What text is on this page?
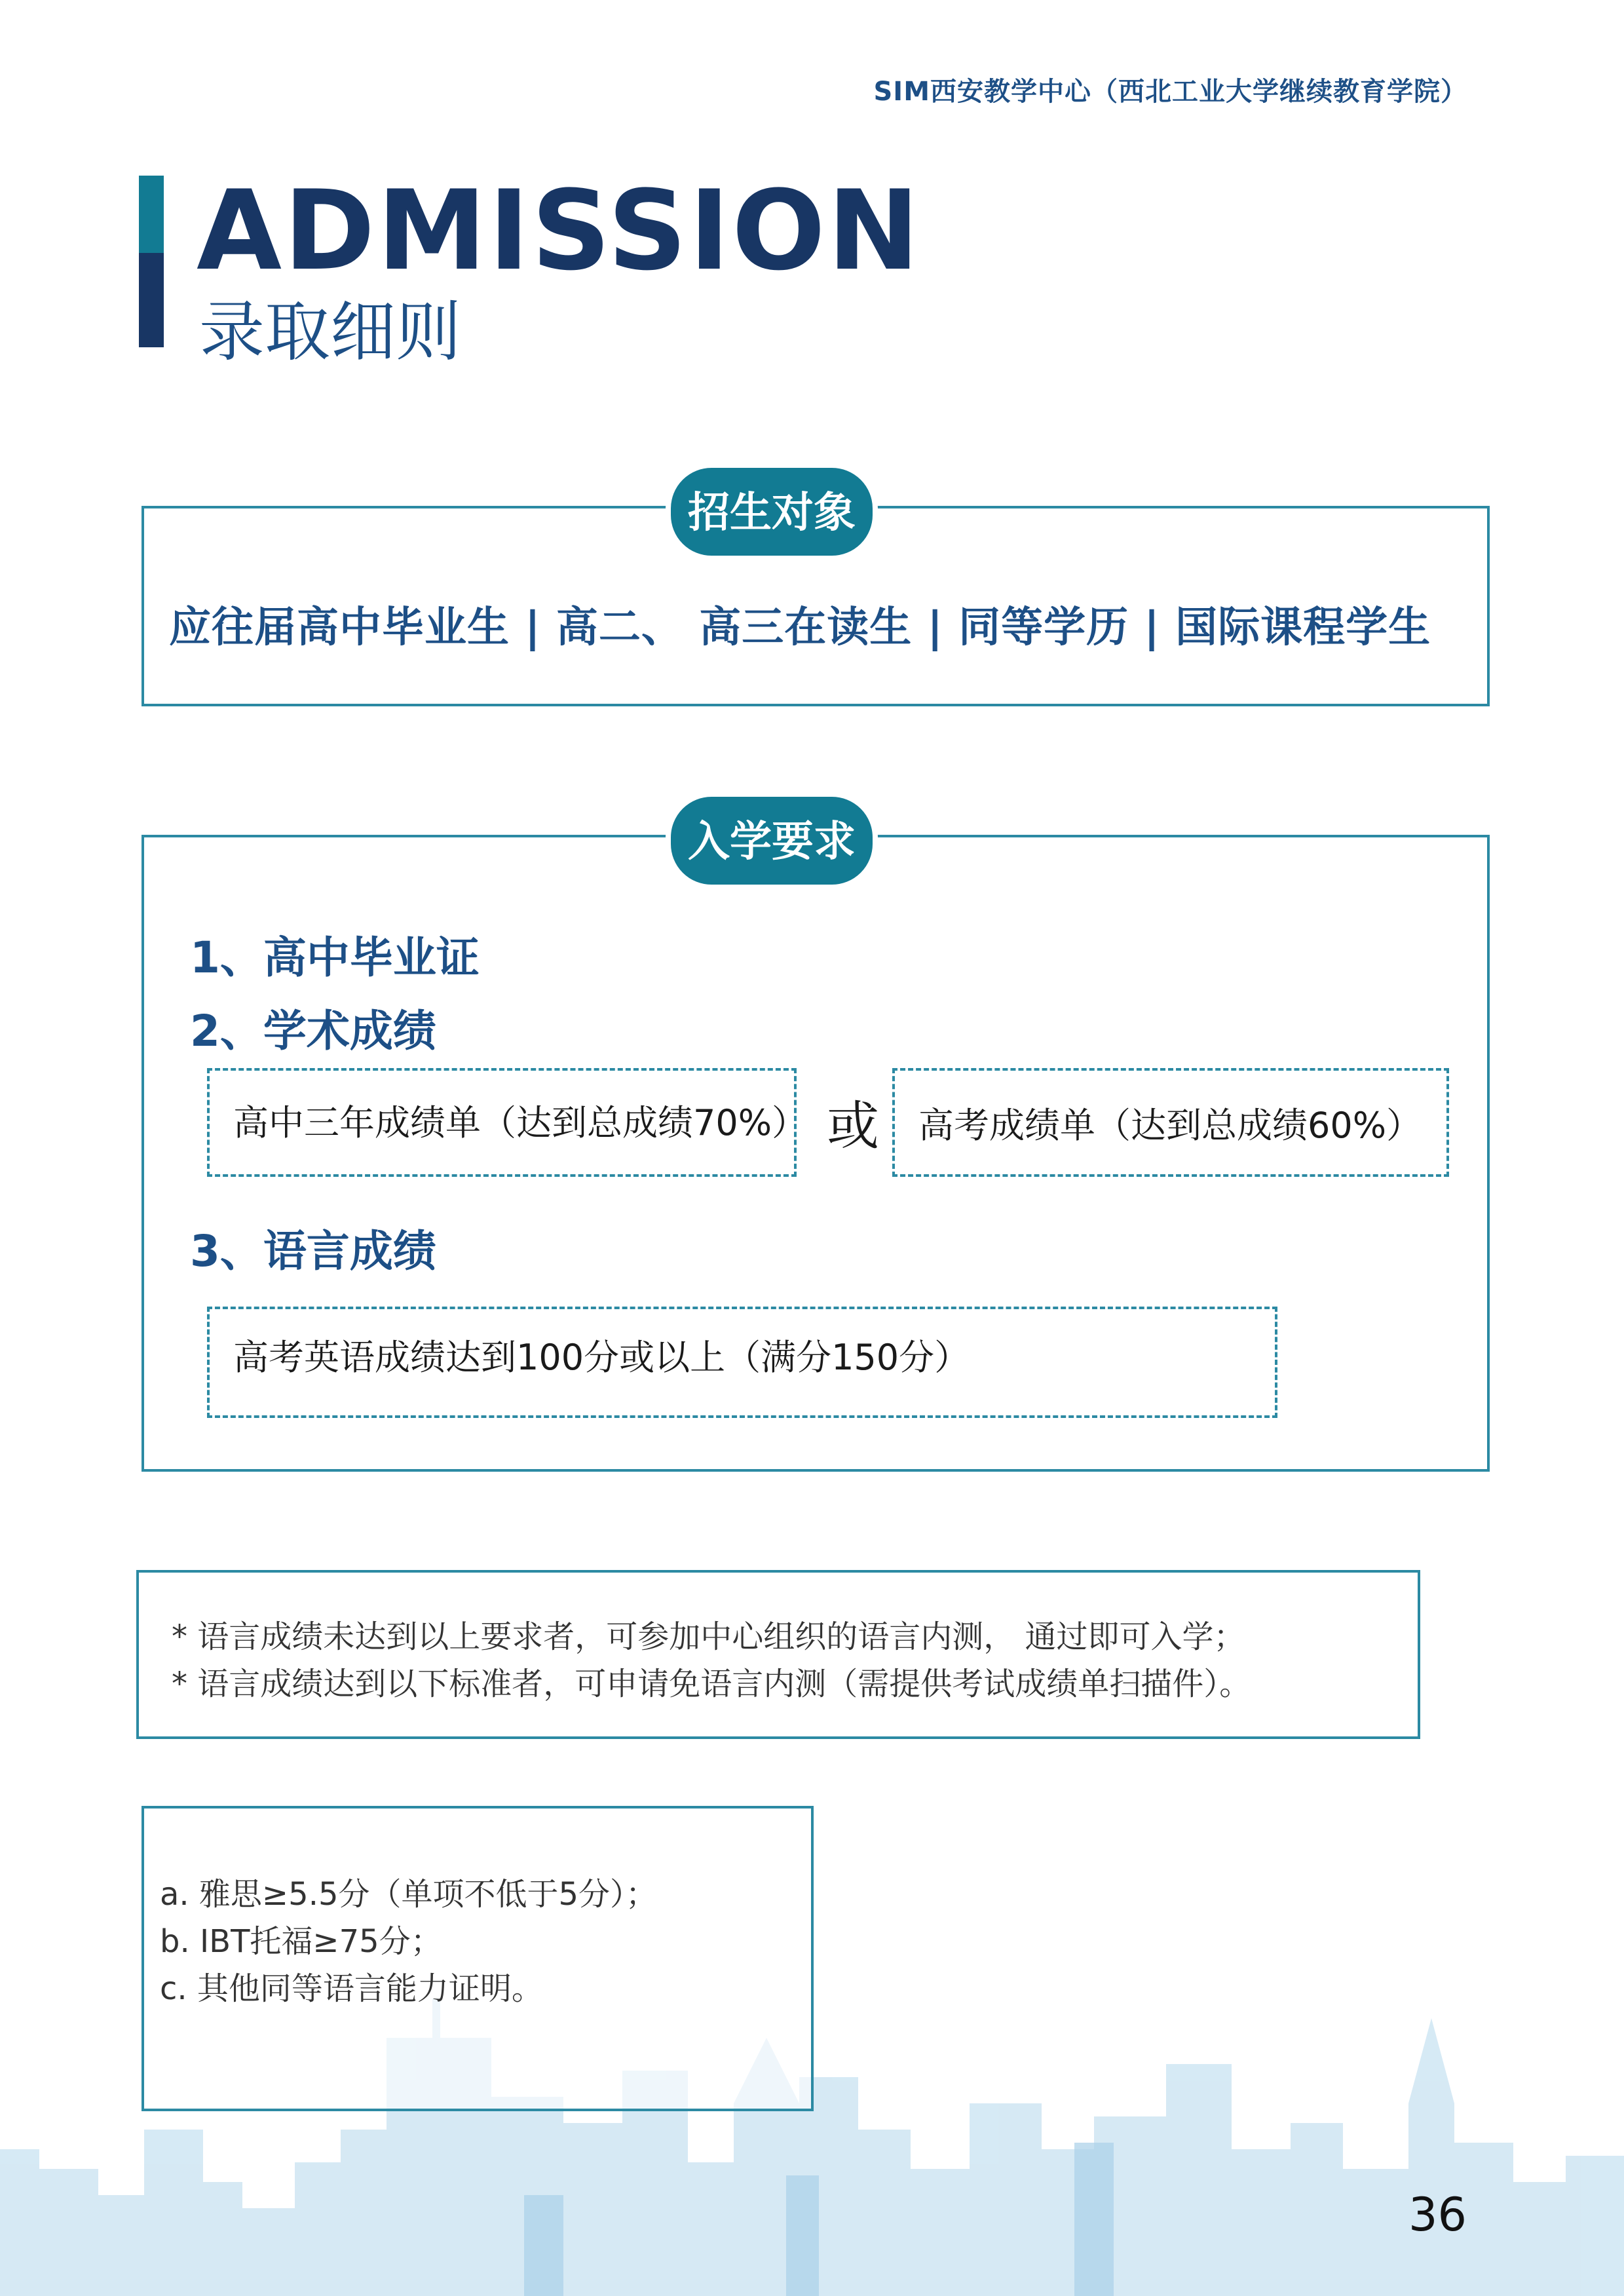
SIM西安教学中心（西北工业大学继续教育学院）
ADMISSION
录取细则
招生对象
应往届高中毕业生 | 高二、 高三在读生 | 同等学历 | 国际课程学生
入学要求
1、高中毕业证
2、学术成绩
高中三年成绩单（达到总成绩70%） 或 高考成绩单（达到总成绩60%）
3、语言成绩
高考英语成绩达到100分或以上（满分150分）
* 语言成绩未达到以上要求者，可参加中心组织的语言内测， 通过即可入学；
* 语言成绩达到以下标准者，可申请免语言内测（需提供考试成绩单扫描件）。
a. 雅思≥5.5分（单项不低于5分）；
b. IBT托福≥75分；
c. 其他同等语言能力证明。
36
